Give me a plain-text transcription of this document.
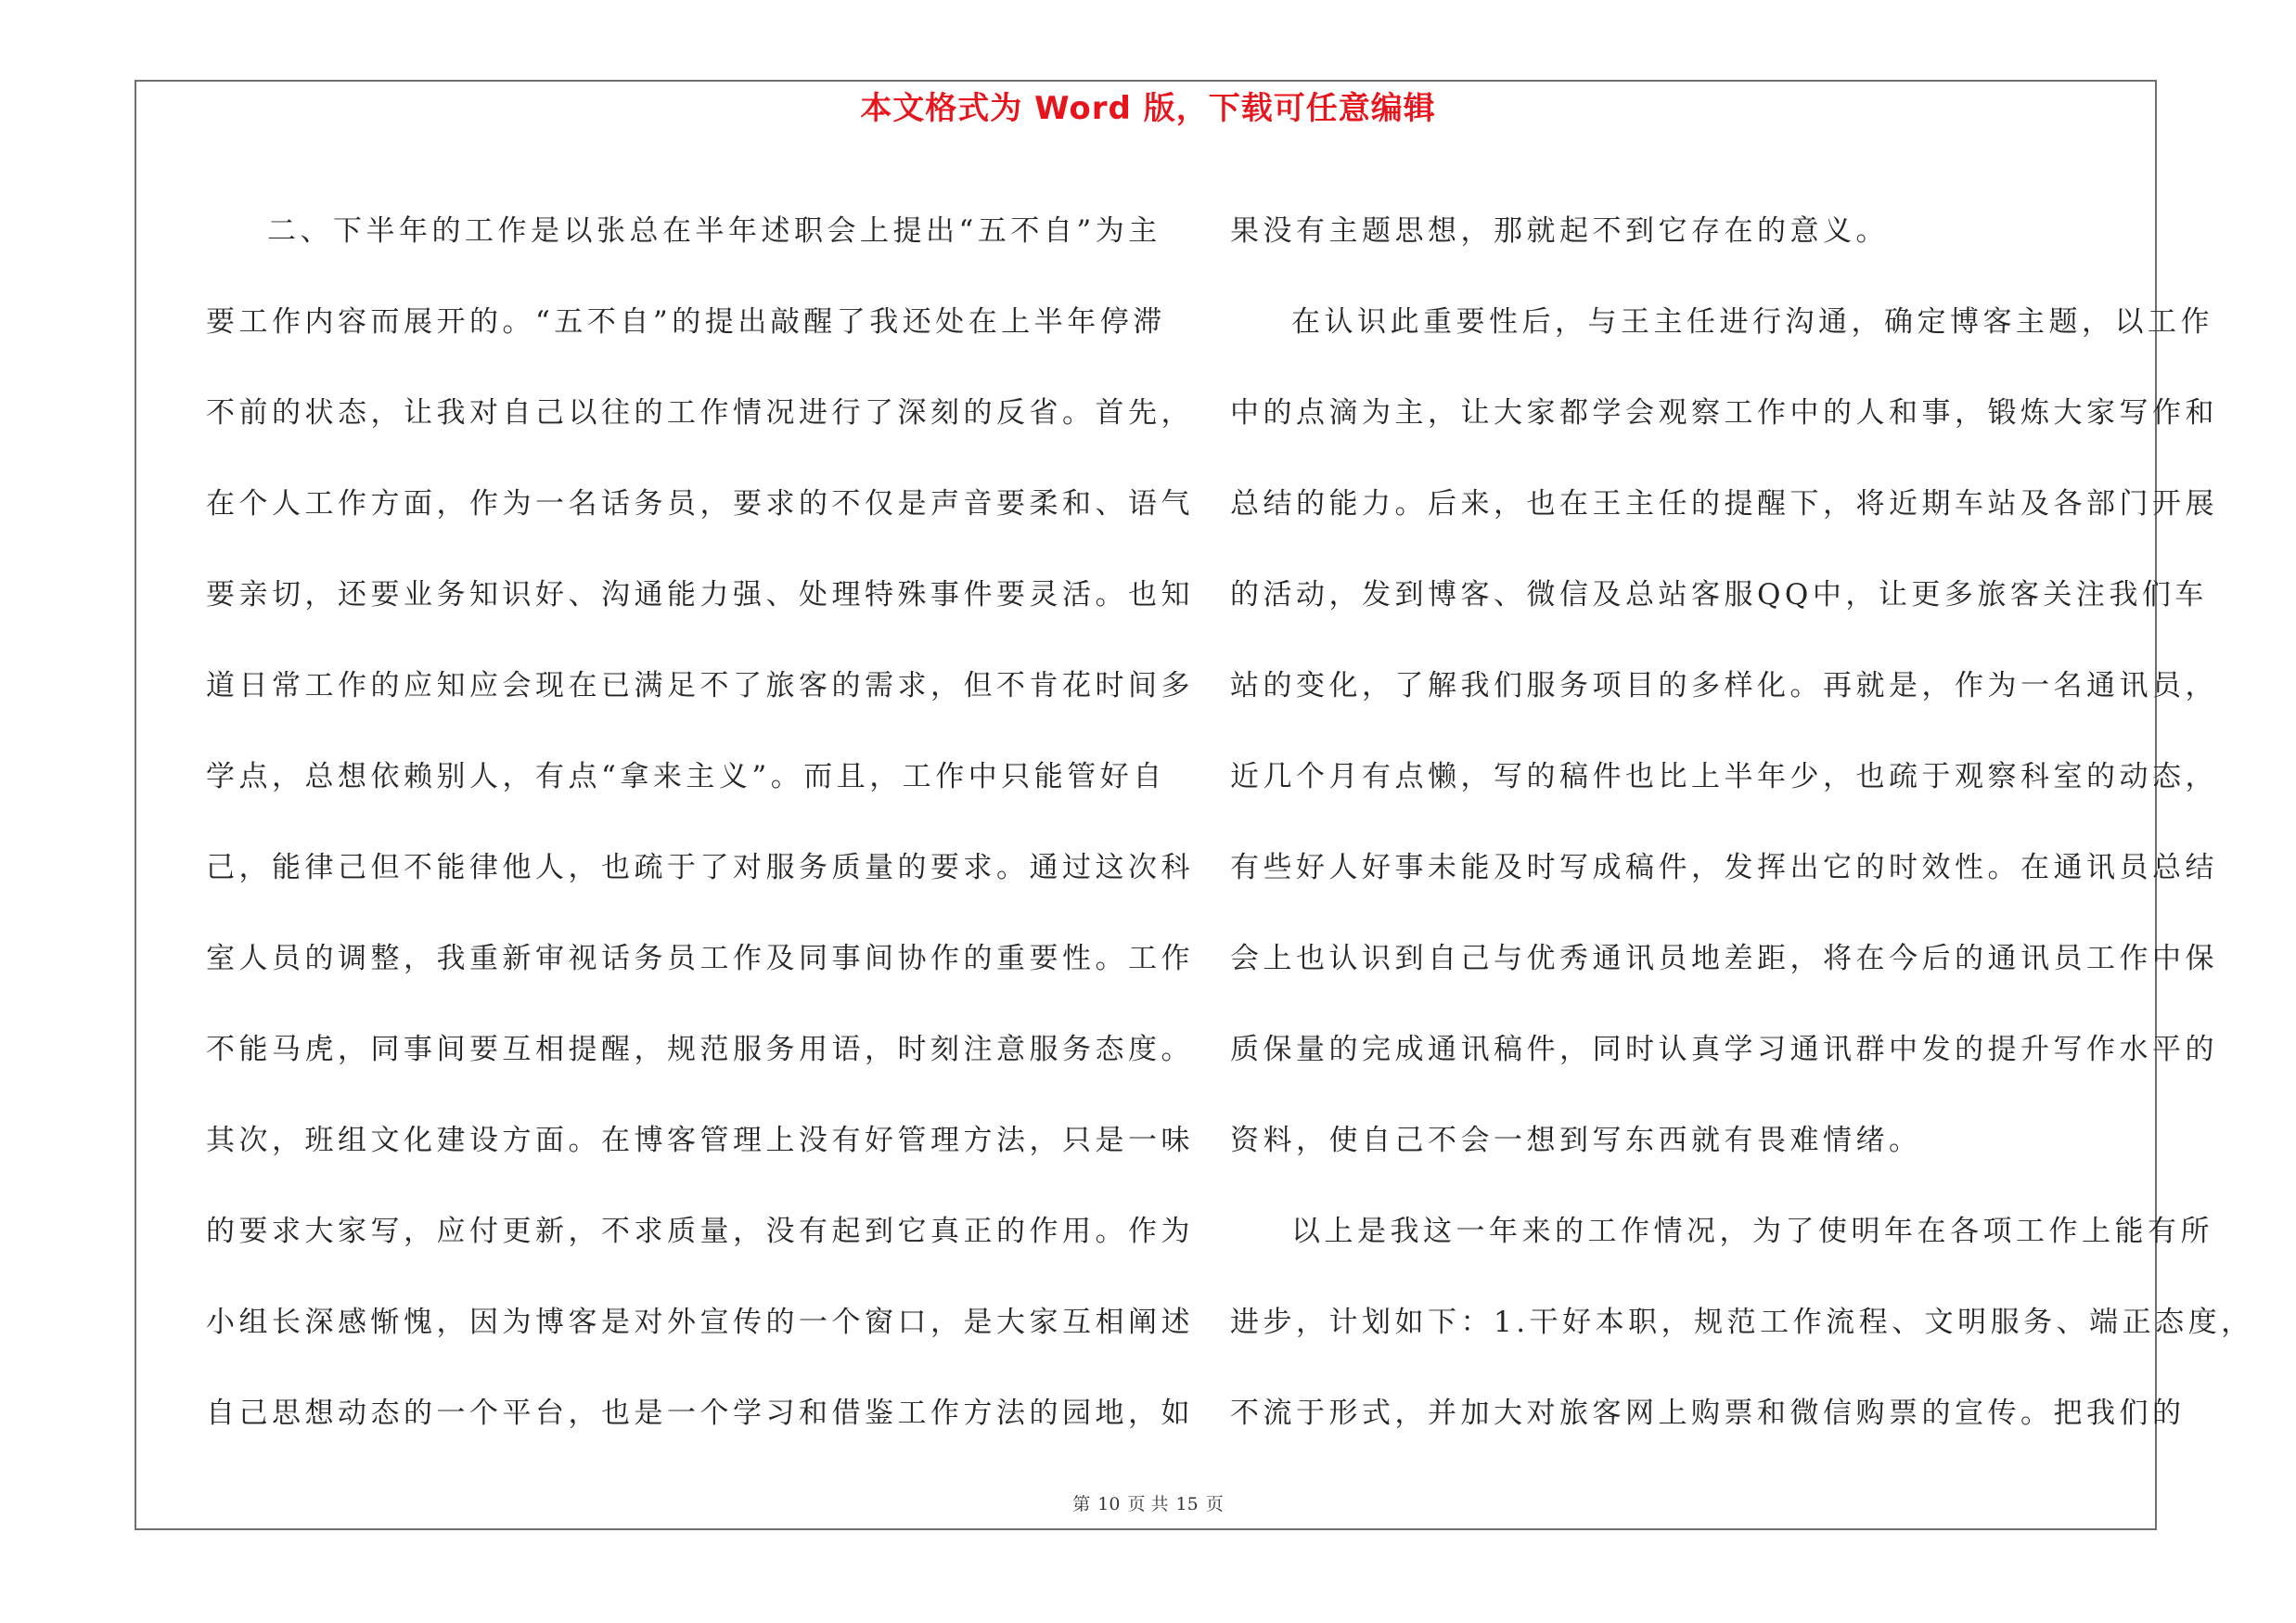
本文格式为 Word 版，下载可任意编辑
二、下半年的工作是以张总在半年述职会上提出“五不自”为主
要工作内容而展开的。“五不自”的提出敲醒了我还处在上半年停滞
不前的状态，让我对自己以往的工作情况进行了深刻的反省。首先，
在个人工作方面，作为一名话务员，要求的不仅是声音要柔和、语气
要亲切，还要业务知识好、沟通能力强、处理特殊事件要灵活。也知
道日常工作的应知应会现在已满足不了旅客的需求，但不肯花时间多
学点，总想依赖别人，有点“拿来主义”。而且，工作中只能管好自
己，能律己但不能律他人，也疏于了对服务质量的要求。通过这次科
室人员的调整，我重新审视话务员工作及同事间协作的重要性。工作
不能马虎，同事间要互相提醒，规范服务用语，时刻注意服务态度。
其次，班组文化建设方面。在博客管理上没有好管理方法，只是一味
的要求大家写，应付更新，不求质量，没有起到它真正的作用。作为
小组长深感惭愧，因为博客是对外宣传的一个窗口，是大家互相阐述
自己思想动态的一个平台，也是一个学习和借鉴工作方法的园地，如
果没有主题思想，那就起不到它存在的意义。
在认识此重要性后，与王主任进行沟通，确定博客主题，以工作
中的点滴为主，让大家都学会观察工作中的人和事，锻炼大家写作和
总结的能力。后来，也在王主任的提醒下，将近期车站及各部门开展
的活动，发到博客、微信及总站客服QQ中，让更多旅客关注我们车
站的变化，了解我们服务项目的多样化。再就是，作为一名通讯员，
近几个月有点懒，写的稿件也比上半年少，也疏于观察科室的动态，
有些好人好事未能及时写成稿件，发挥出它的时效性。在通讯员总结
会上也认识到自己与优秀通讯员地差距，将在今后的通讯员工作中保
质保量的完成通讯稿件，同时认真学习通讯群中发的提升写作水平的
资料，使自己不会一想到写东西就有畏难情绪。
以上是我这一年来的工作情况，为了使明年在各项工作上能有所
进步，计划如下：1.干好本职，规范工作流程、文明服务、端正态度，
不流于形式，并加大对旅客网上购票和微信购票的宣传。把我们的
第 10 页 共 15 页
